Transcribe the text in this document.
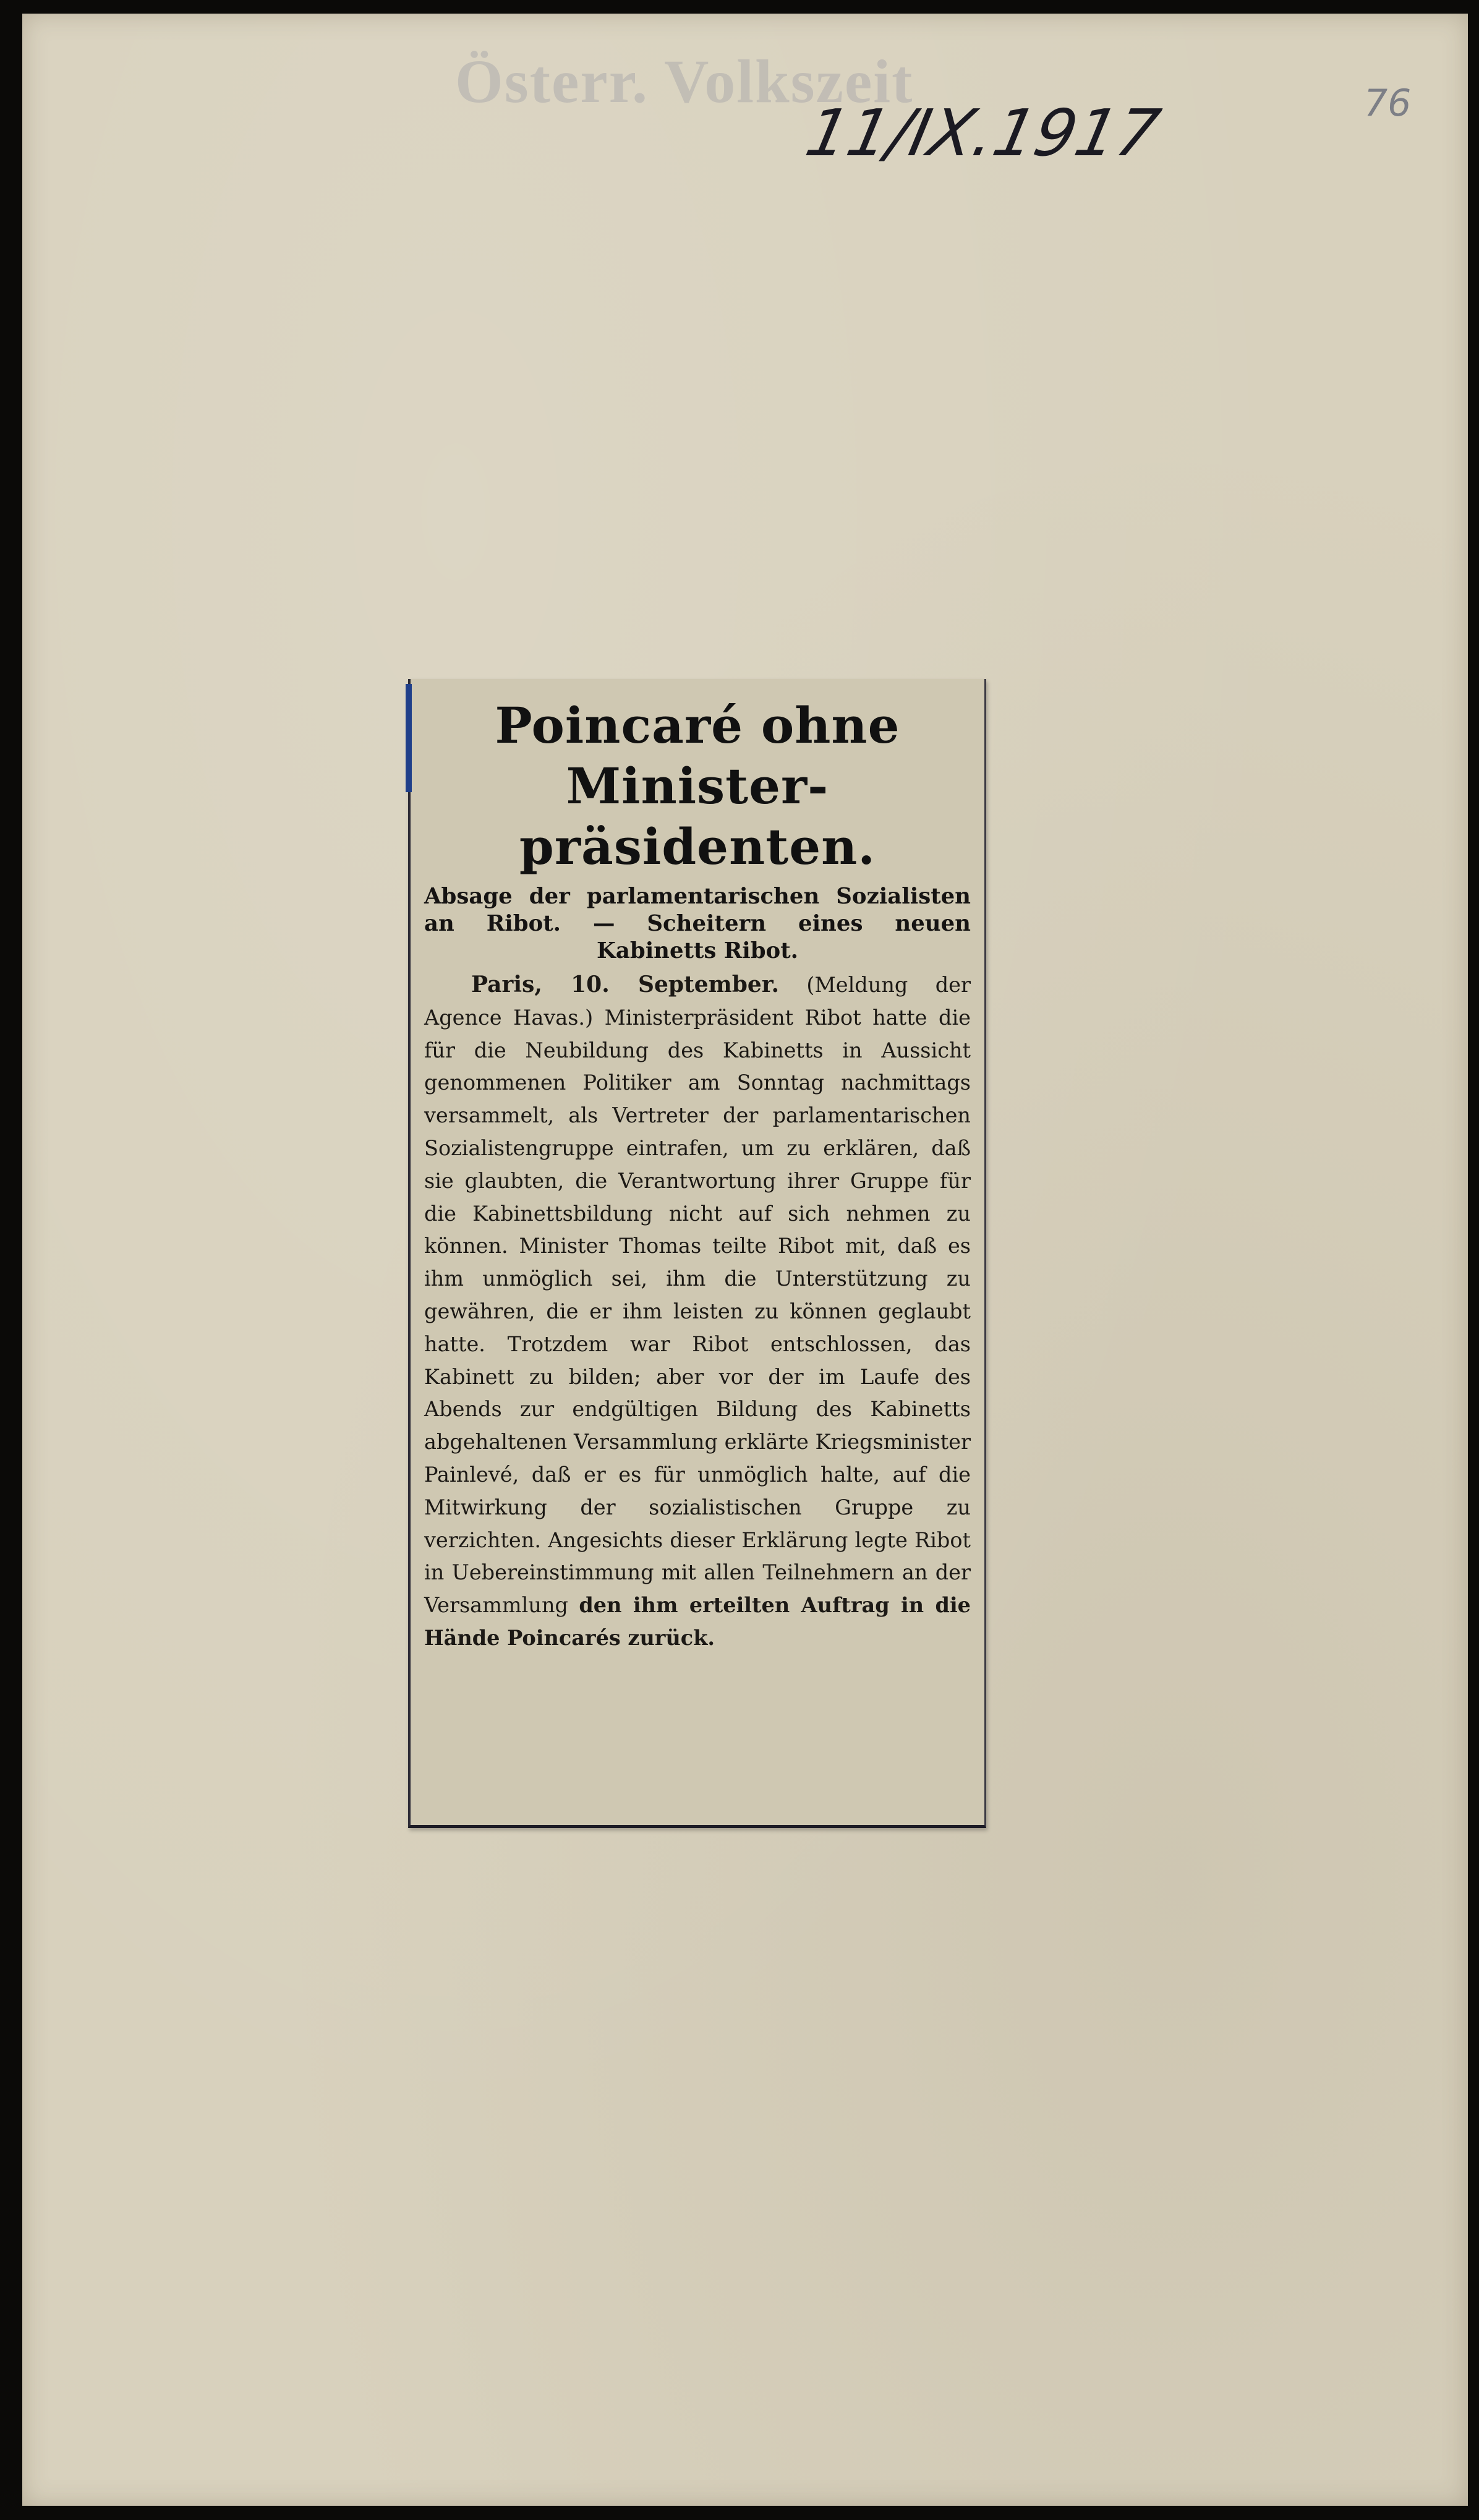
Österr. Volkszeit

11/IX.1917	76

Poincaré ohne Minister-präsidenten.

Absage der parlamentarischen Sozialisten an Ribot. — Scheitern eines neuen Kabinetts Ribot.

Paris, 10. September. (Meldung der Agence Havas.) Ministerpräsident Ribot hatte die für die Neubildung des Kabinetts in Aussicht genommenen Politiker am Sonntag nachmittags versammelt, als Vertreter der parlamentarischen Sozialistengruppe eintrafen, um zu erklären, daß sie glaubten, die Verantwortung ihrer Gruppe für die Kabinettsbildung nicht auf sich nehmen zu können. Minister Thomas teilte Ribot mit, daß es ihm unmöglich sei, ihm die Unterstützung zu gewähren, die er ihm leisten zu können geglaubt hatte. Trotzdem war Ribot entschlossen, das Kabinett zu bilden; aber vor der im Laufe des Abends zur endgültigen Bildung des Kabinetts abgehaltenen Versammlung erklärte Kriegsminister Painlevé, daß er es für unmöglich halte, auf die Mitwirkung der sozialistischen Gruppe zu verzichten. Angesichts dieser Erklärung legte Ribot in Uebereinstimmung mit allen Teilnehmern an der Versammlung den ihm erteilten Auftrag in die Hände Poincarés zurück.
